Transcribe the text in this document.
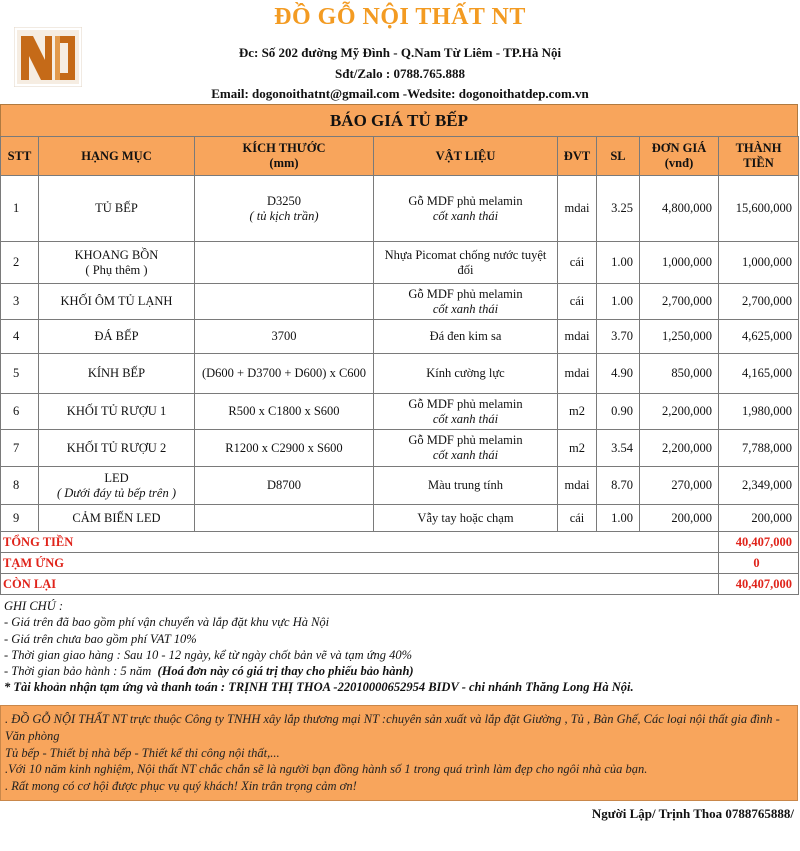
ĐỒ GỖ NỘI THẤT NT
Đc: Số 202 đường Mỹ Đình - Q.Nam Từ Liêm - TP.Hà Nội
Sđt/Zalo : 0788.765.888
Email: dogonoithatnt@gmail.com -Wedsite: dogonoithatdep.com.vn
BÁO GIÁ TỦ BẾP
STT	HẠNG MỤC	KÍCH THƯỚC
(mm)	VẬT LIỆU	ĐVT	SL	ĐƠN GIÁ
(vnđ)	THÀNH
TIỀN
1	TỦ BẾP	D3250
( tủ kịch trần)	Gỗ MDF phủ melamin
cốt xanh thái	mdai	3.25	4,800,000	15,600,000
2	KHOANG BỒN
( Phụ thêm )		Nhựa Picomat chống nước tuyệt đối	cái	1.00	1,000,000	1,000,000
3	KHỐI ÔM TỦ LẠNH		Gỗ MDF phủ melamin
cốt xanh thái	cái	1.00	2,700,000	2,700,000
4	ĐÁ BẾP	3700	Đá đen kim sa	mdai	3.70	1,250,000	4,625,000
5	KÍNH BẾP	(D600 + D3700 + D600) x C600	Kính cường lực	mdai	4.90	850,000	4,165,000
6	KHỐI TỦ RƯỢU 1	R500 x C1800 x S600	Gỗ MDF phủ melamin
cốt xanh thái	m2	0.90	2,200,000	1,980,000
7	KHỐI TỦ RƯỢU 2	R1200 x C2900 x S600	Gỗ MDF phủ melamin
cốt xanh thái	m2	3.54	2,200,000	7,788,000
8	LED
( Dưới đáy tủ bếp trên )	D8700	Màu trung tính	mdai	8.70	270,000	2,349,000
9	CẢM BIẾN LED		Vẫy tay hoặc chạm	cái	1.00	200,000	200,000
TỔNG TIỀN							40,407,000
TẠM ỨNG							0
CÒN LẠI							40,407,000
GHI CHÚ :
- Giá trên đã bao gồm phí vận chuyển và lắp đặt khu vực Hà Nội
- Giá trên chưa bao gồm phí VAT 10%
- Thời gian giao hàng : Sau 10 - 12 ngày, kể từ ngày chốt bản vẽ và tạm ứng 40%
- Thời gian bảo hành : 5 năm (Hoá đơn này có giá trị thay cho phiếu bảo hành)
* Tài khoản nhận tạm ứng và thanh toán : TRỊNH THỊ THOA -22010000652954 BIDV - chi nhánh Thăng Long Hà Nội.
. ĐỒ GỖ NỘI THẤT NT trực thuộc Công ty TNHH xây lắp thương mại NT :chuyên sản xuất và lắp đặt Giường , Tủ , Bàn Ghế, Các loại nội thất gia đình - Văn phòng
Tủ bếp - Thiết bị nhà bếp - Thiết kế thi công nội thất,...
.Với 10 năm kinh nghiệm, Nội thất NT chắc chắn sẽ là người bạn đồng hành số 1 trong quá trình làm đẹp cho ngôi nhà của bạn.
. Rất mong có cơ hội được phục vụ quý khách! Xin trân trọng cảm ơn!
Người Lập/ Trịnh Thoa 0788765888/
